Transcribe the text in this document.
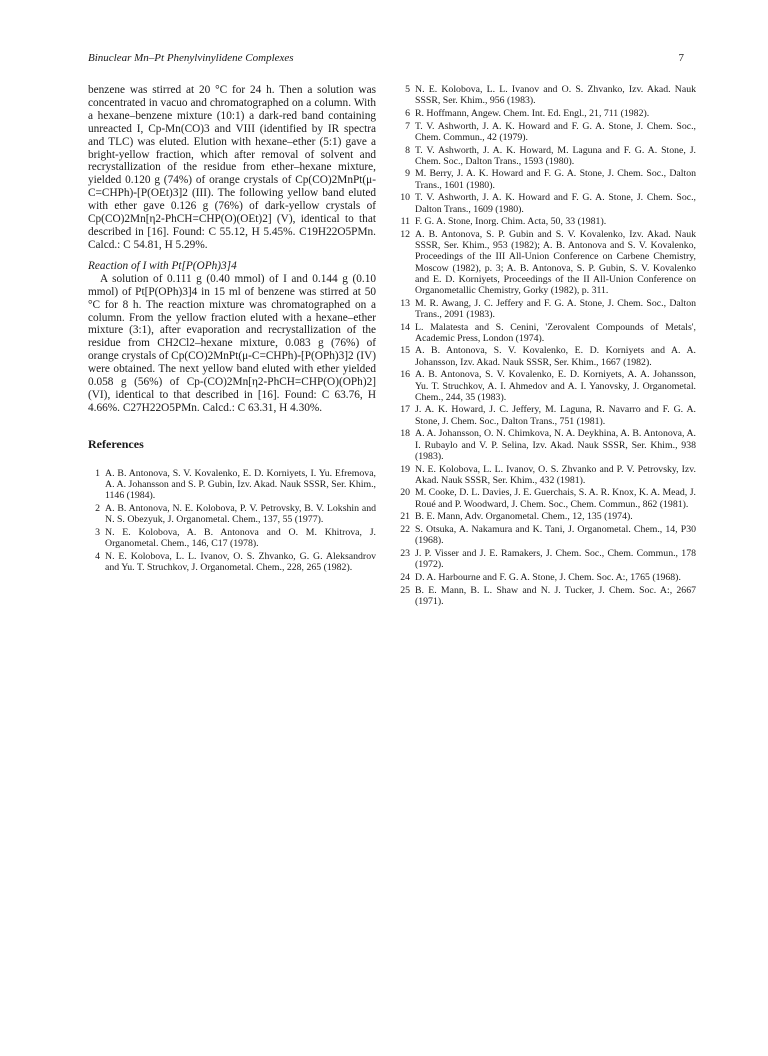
Binuclear Mn–Pt Phenylvinylidene Complexes	7

benzene was stirred at 20 °C for 24 h. Then a solution was concentrated in vacuo and chromatographed on a column. With a hexane–benzene mixture (10:1) a dark-red band containing unreacted I, Cp-Mn(CO)3 and VIII (identified by IR spectra and TLC) was eluted. Elution with hexane–ether (5:1) gave a bright-yellow fraction, which after removal of solvent and recrystallization of the residue from ether–hexane mixture, yielded 0.120 g (74%) of orange crystals of Cp(CO)2MnPt(μ-C=CHPh)-[P(OEt)3]2 (III). The following yellow band eluted with ether gave 0.126 g (76%) of dark-yellow crystals of Cp(CO)2Mn[η2-PhCH=CHP(O)(OEt)2] (V), identical to that described in [16]. Found: C 55.12, H 5.45%. C19H22O5PMn. Calcd.: C 54.81, H 5.29%.

Reaction of I with Pt[P(OPh)3]4

A solution of 0.111 g (0.40 mmol) of I and 0.144 g (0.10 mmol) of Pt[P(OPh)3]4 in 15 ml of benzene was stirred at 50 °C for 8 h. The reaction mixture was chromatographed on a column. From the yellow fraction eluted with a hexane–ether mixture (3:1), after evaporation and recrystallization of the residue from CH2Cl2–hexane mixture, 0.083 g (76%) of orange crystals of Cp(CO)2MnPt(μ-C=CHPh)-[P(OPh)3]2 (IV) were obtained. The next yellow band eluted with ether yielded 0.058 g (56%) of Cp-(CO)2Mn[η2-PhCH=CHP(O)(OPh)2] (VI), identical to that described in [16]. Found: C 63.76, H 4.66%. C27H22O5PMn. Calcd.: C 63.31, H 4.30%.

References
1 A. B. Antonova, S. V. Kovalenko, E. D. Korniyets, I. Yu. Efremova, A. A. Johansson and S. P. Gubin, Izv. Akad. Nauk SSSR, Ser. Khim., 1146 (1984).
2 A. B. Antonova, N. E. Kolobova, P. V. Petrovsky, B. V. Lokshin and N. S. Obezyuk, J. Organometal. Chem., 137, 55 (1977).
3 N. E. Kolobova, A. B. Antonova and O. M. Khitrova, J. Organometal. Chem., 146, C17 (1978).
4 N. E. Kolobova, L. L. Ivanov, O. S. Zhvanko, G. G. Aleksandrov and Yu. T. Struchkov, J. Organometal. Chem., 228, 265 (1982).
5 N. E. Kolobova, L. L. Ivanov and O. S. Zhvanko, Izv. Akad. Nauk SSSR, Ser. Khim., 956 (1983).
6 R. Hoffmann, Angew. Chem. Int. Ed. Engl., 21, 711 (1982).
7 T. V. Ashworth, J. A. K. Howard and F. G. A. Stone, J. Chem. Soc., Chem. Commun., 42 (1979).
8 T. V. Ashworth, J. A. K. Howard, M. Laguna and F. G. A. Stone, J. Chem. Soc., Dalton Trans., 1593 (1980).
9 M. Berry, J. A. K. Howard and F. G. A. Stone, J. Chem. Soc., Dalton Trans., 1601 (1980).
10 T. V. Ashworth, J. A. K. Howard and F. G. A. Stone, J. Chem. Soc., Dalton Trans., 1609 (1980).
11 F. G. A. Stone, Inorg. Chim. Acta, 50, 33 (1981).
12 A. B. Antonova, S. P. Gubin and S. V. Kovalenko, Izv. Akad. Nauk SSSR, Ser. Khim., 953 (1982); A. B. Antonova and S. V. Kovalenko, Proceedings of the III All-Union Conference on Carbene Chemistry, Moscow (1982), p. 3; A. B. Antonova, S. P. Gubin, S. V. Kovalenko and E. D. Korniyets, Proceedings of the II All-Union Conference on Organometallic Chemistry, Gorky (1982), p. 311.
13 M. R. Awang, J. C. Jeffery and F. G. A. Stone, J. Chem. Soc., Dalton Trans., 2091 (1983).
14 L. Malatesta and S. Cenini, 'Zerovalent Compounds of Metals', Academic Press, London (1974).
15 A. B. Antonova, S. V. Kovalenko, E. D. Korniyets and A. A. Johansson, Izv. Akad. Nauk SSSR, Ser. Khim., 1667 (1982).
16 A. B. Antonova, S. V. Kovalenko, E. D. Korniyets, A. A. Johansson, Yu. T. Struchkov, A. I. Ahmedov and A. I. Yanovsky, J. Organometal. Chem., 244, 35 (1983).
17 J. A. K. Howard, J. C. Jeffery, M. Laguna, R. Navarro and F. G. A. Stone, J. Chem. Soc., Dalton Trans., 751 (1981).
18 A. A. Johansson, O. N. Chimkova, N. A. Deykhina, A. B. Antonova, A. I. Rubaylo and V. P. Selina, Izv. Akad. Nauk SSSR, Ser. Khim., 938 (1983).
19 N. E. Kolobova, L. L. Ivanov, O. S. Zhvanko and P. V. Petrovsky, Izv. Akad. Nauk SSSR, Ser. Khim., 432 (1981).
20 M. Cooke, D. L. Davies, J. E. Guerchais, S. A. R. Knox, K. A. Mead, J. Roué and P. Woodward, J. Chem. Soc., Chem. Commun., 862 (1981).
21 B. E. Mann, Adv. Organometal. Chem., 12, 135 (1974).
22 S. Otsuka, A. Nakamura and K. Tani, J. Organometal. Chem., 14, P30 (1968).
23 J. P. Visser and J. E. Ramakers, J. Chem. Soc., Chem. Commun., 178 (1972).
24 D. A. Harbourne and F. G. A. Stone, J. Chem. Soc. A:, 1765 (1968).
25 B. E. Mann, B. L. Shaw and N. J. Tucker, J. Chem. Soc. A:, 2667 (1971).
